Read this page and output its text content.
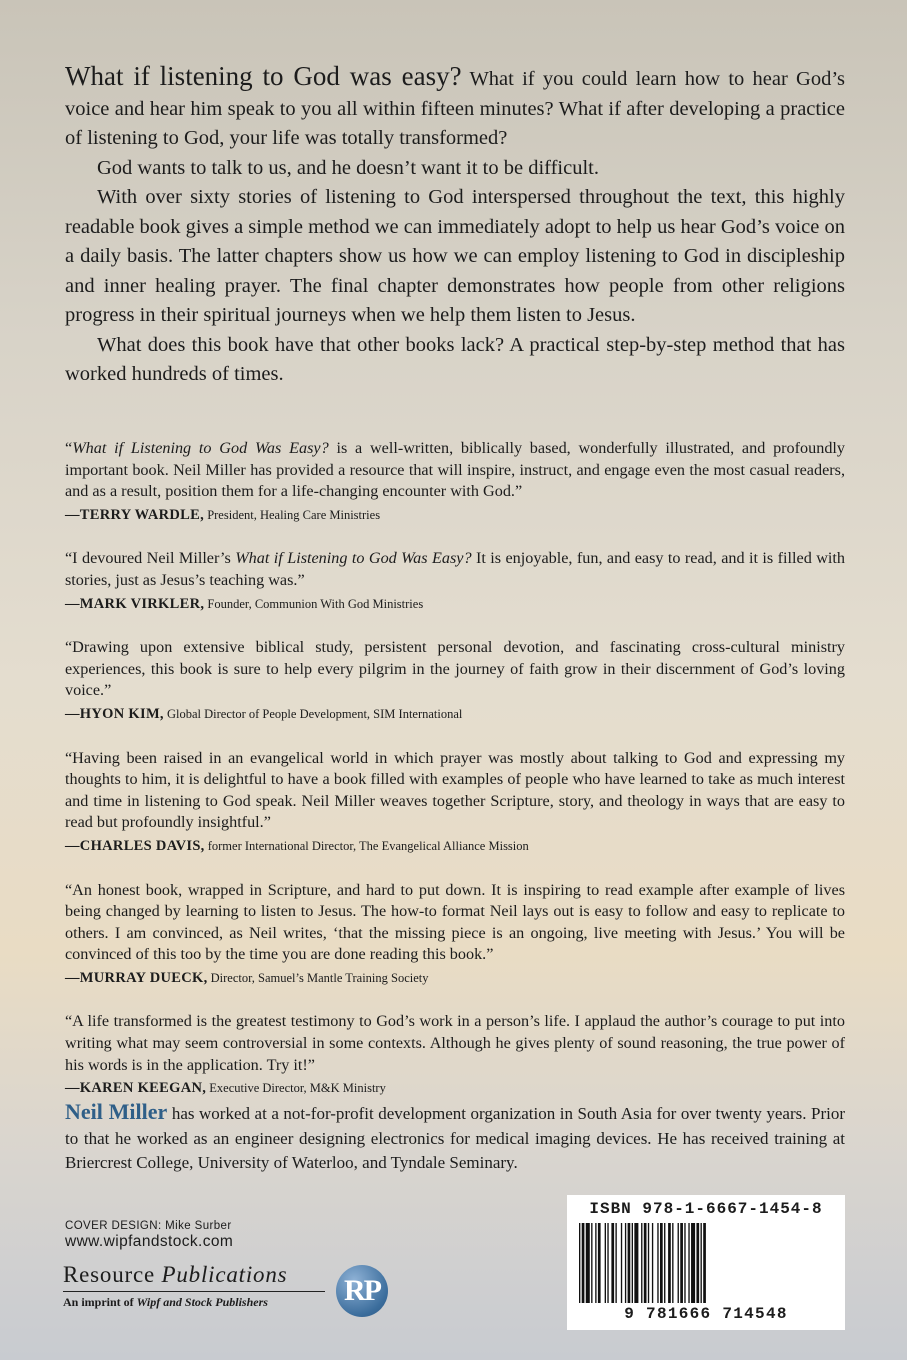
What if listening to God was easy? What if you could learn how to hear God’s voice and hear him speak to you all within fifteen minutes? What if after developing a practice of listening to God, your life was totally transformed?

God wants to talk to us, and he doesn’t want it to be difficult.

With over sixty stories of listening to God interspersed throughout the text, this highly readable book gives a simple method we can immediately adopt to help us hear God’s voice on a daily basis. The latter chapters show us how we can employ listening to God in discipleship and inner healing prayer. The final chapter demonstrates how people from other religions progress in their spiritual journeys when we help them listen to Jesus.

What does this book have that other books lack? A practical step-by-step method that has worked hundreds of times.

“What if Listening to God Was Easy? is a well-written, biblically based, wonderfully illustrated, and profoundly important book. Neil Miller has provided a resource that will inspire, instruct, and engage even the most casual readers, and as a result, position them for a life-changing encounter with God.”

—TERRY WARDLE, President, Healing Care Ministries

“I devoured Neil Miller’s What if Listening to God Was Easy? It is enjoyable, fun, and easy to read, and it is filled with stories, just as Jesus’s teaching was.”

—MARK VIRKLER, Founder, Communion With God Ministries

“Drawing upon extensive biblical study, persistent personal devotion, and fascinating cross-cultural ministry experiences, this book is sure to help every pilgrim in the journey of faith grow in their discernment of God’s loving voice.”

—HYON KIM, Global Director of People Development, SIM International

“Having been raised in an evangelical world in which prayer was mostly about talking to God and expressing my thoughts to him, it is delightful to have a book filled with examples of people who have learned to take as much interest and time in listening to God speak. Neil Miller weaves together Scripture, story, and theology in ways that are easy to read but profoundly insightful.”

—CHARLES DAVIS, former International Director, The Evangelical Alliance Mission

“An honest book, wrapped in Scripture, and hard to put down. It is inspiring to read example after example of lives being changed by learning to listen to Jesus. The how-to format Neil lays out is easy to follow and easy to replicate to others. I am convinced, as Neil writes, ‘that the missing piece is an ongoing, live meeting with Jesus.’ You will be convinced of this too by the time you are done reading this book.”

—MURRAY DUECK, Director, Samuel’s Mantle Training Society

“A life transformed is the greatest testimony to God’s work in a person’s life. I applaud the author’s courage to put into writing what may seem controversial in some contexts. Although he gives plenty of sound reasoning, the true power of his words is in the application. Try it!”

—KAREN KEEGAN, Executive Director, M&K Ministry
Neil Miller has worked at a not-for-profit development organization in South Asia for over twenty years. Prior to that he worked as an engineer designing electronics for medical imaging devices. He has received training at Briercrest College, University of Waterloo, and Tyndale Seminary.
COVER DESIGN: Mike Surber
www.wipfandstock.com
Resource Publications
An imprint of Wipf and Stock Publishers	RP
ISBN 978-1-6667-1454-8
9 781666 714548
